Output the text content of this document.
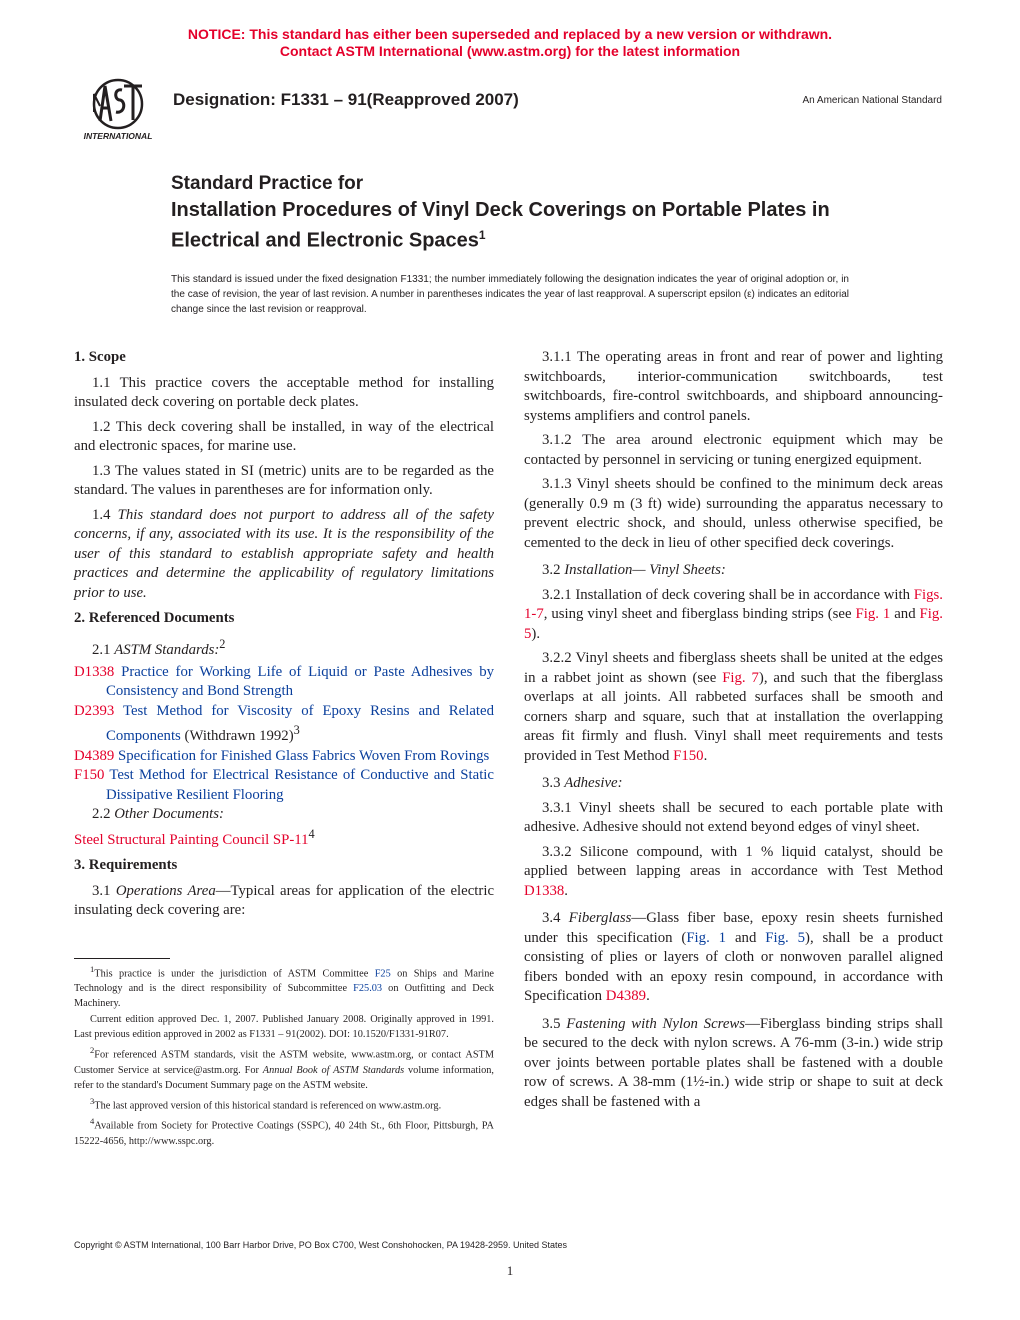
NOTICE: This standard has either been superseded and replaced by a new version or withdrawn.
Contact ASTM International (www.astm.org) for the latest information
INTERNATIONAL
Designation: F1331 – 91(Reapproved 2007)	An American National Standard
Standard Practice for
Installation Procedures of Vinyl Deck Coverings on Portable Plates in Electrical and Electronic Spaces$^1$
This standard is issued under the fixed designation F1331; the number immediately following the designation indicates the year of original adoption or, in the case of revision, the year of last revision. A number in parentheses indicates the year of last reapproval. A superscript epsilon (ε) indicates an editorial change since the last revision or reapproval.
1. Scope

1.1 This practice covers the acceptable method for installing insulated deck covering on portable deck plates.

1.2 This deck covering shall be installed, in way of the electrical and electronic spaces, for marine use.

1.3 The values stated in SI (metric) units are to be regarded as the standard. The values in parentheses are for information only.

1.4 This standard does not purport to address all of the safety concerns, if any, associated with its use. It is the responsibility of the user of this standard to establish appropriate safety and health practices and determine the applicability of regulatory limitations prior to use.

2. Referenced Documents

2.1 ASTM Standards:$^2$

D1338 Practice for Working Life of Liquid or Paste Adhesives by Consistency and Bond Strength
D2393 Test Method for Viscosity of Epoxy Resins and Related Components (Withdrawn 1992)$^3$
D4389 Specification for Finished Glass Fabrics Woven From Rovings
F150 Test Method for Electrical Resistance of Conductive and Static Dissipative Resilient Flooring

2.2 Other Documents:

Steel Structural Painting Council $SP-11^4$
3. Requirements

3.1 Operations Area—Typical areas for application of the electric insulating deck covering are:

$^1$This practice is under the jurisdiction of ASTM Committee F25 on Ships and Marine Technology and is the direct responsibility of Subcommittee F25.03 on Outfitting and Deck Machinery.

Current edition approved Dec. 1, 2007. Published January 2008. Originally approved in 1991. Last previous edition approved in 2002 as F1331 – 91(2002). DOI: 10.1520/F1331-91R07.

$^2$For referenced ASTM standards, visit the ASTM website, www.astm.org, or contact ASTM Customer Service at service@astm.org. For Annual Book of ASTM Standards volume information, refer to the standard's Document Summary page on the ASTM website.

$^3$The last approved version of this historical standard is referenced on www.astm.org.

$^4$Available from Society for Protective Coatings (SSPC), 40 24th St., 6th Floor, Pittsburgh, PA 15222-4656, http://www.sspc.org.

3.1.1 The operating areas in front and rear of power and lighting switchboards, interior-communication switchboards, test switchboards, fire-control switchboards, and shipboard announcing-systems amplifiers and control panels.

3.1.2 The area around electronic equipment which may be contacted by personnel in servicing or tuning energized equipment.

3.1.3 Vinyl sheets should be confined to the minimum deck areas (generally 0.9 m (3 ft) wide) surrounding the apparatus necessary to prevent electric shock, and should, unless otherwise specified, be cemented to the deck in lieu of other specified deck coverings.

3.2 Installation— Vinyl Sheets:

3.2.1 Installation of deck covering shall be in accordance with Figs. 1-7, using vinyl sheet and fiberglass binding strips (see Fig. 1 and Fig. 5).

3.2.2 Vinyl sheets and fiberglass sheets shall be united at the edges in a rabbet joint as shown (see Fig. 7), and such that the fiberglass overlaps at all joints. All rabbeted surfaces shall be smooth and corners sharp and square, such that at installation the overlapping areas fit firmly and flush. Vinyl shall meet requirements and tests provided in Test Method F150.

3.3 Adhesive:

3.3.1 Vinyl sheets shall be secured to each portable plate with adhesive. Adhesive should not extend beyond edges of vinyl sheet.

3.3.2 Silicone compound, with 1 % liquid catalyst, should be applied between lapping areas in accordance with Test Method D1338.

3.4 Fiberglass—Glass fiber base, epoxy resin sheets furnished under this specification (Fig. 1 and Fig. 5), shall be a product consisting of plies or layers of cloth or nonwoven parallel aligned fibers bonded with an epoxy resin compound, in accordance with Specification D4389.

3.5 Fastening with Nylon Screws—Fiberglass binding strips shall be secured to the deck with nylon screws. A 76-mm (3-in.) wide strip over joints between portable plates shall be fastened with a double row of screws. A 38-mm (1½-in.) wide strip or shape to suit at deck edges shall be fastened with a

Copyright © ASTM International, 100 Barr Harbor Drive, PO Box C700, West Conshohocken, PA 19428-2959. United States
1
